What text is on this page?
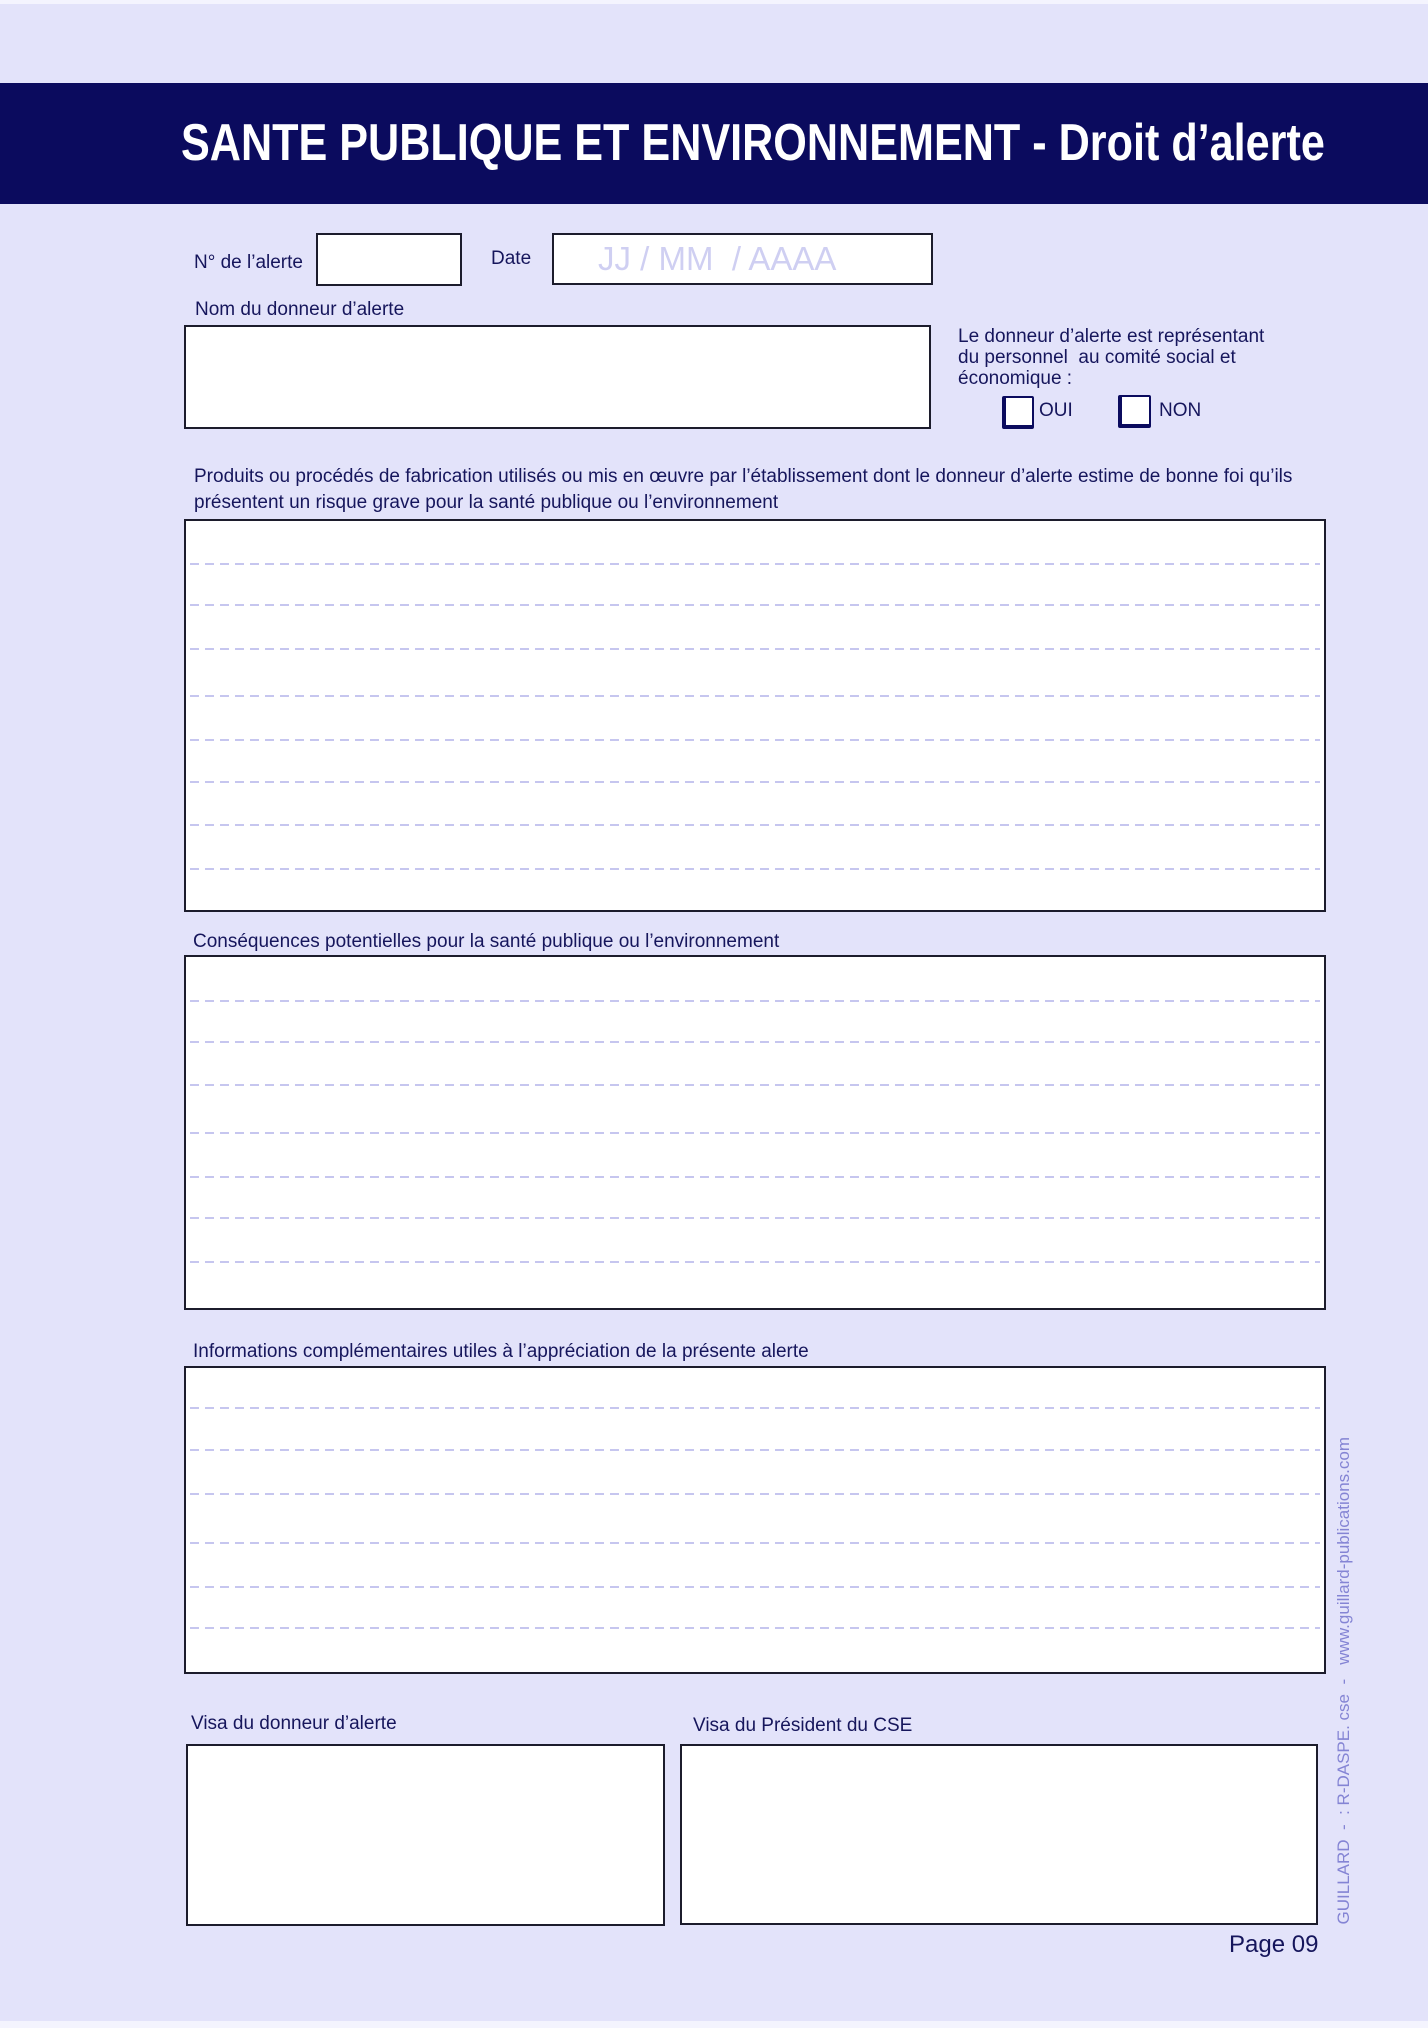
SANTE PUBLIQUE ET ENVIRONNEMENT - Droit d’alerte
N° de l’alerte	Date
JJ / MM / AAAA
Nom du donneur d’alerte
Le donneur d’alerte est représentant
du personnel  au comité social et
économique :
OUI	NON
Produits ou procédés de fabrication utilisés ou mis en œuvre par l’établissement dont le donneur d’alerte estime de bonne foi qu’ils
présentent un risque grave pour la santé publique ou l’environnement
Conséquences potentielles pour la santé publique ou l’environnement
Informations complémentaires utiles à l’appréciation de la présente alerte
Visa du donneur d’alerte	Visa du Président du CSE	GUILLARD  -  : R-DASPE. cse  -   www.guillard-publications.com
Page 09
